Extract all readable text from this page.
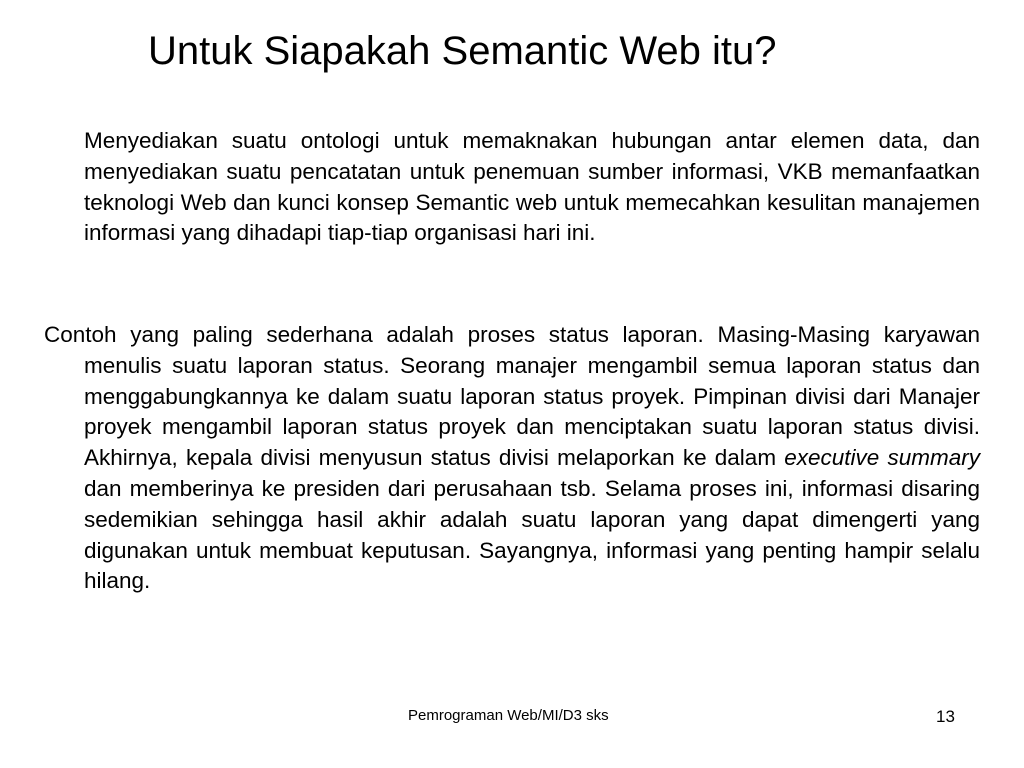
Untuk Siapakah Semantic Web itu?

Menyediakan suatu ontologi untuk memaknakan hubungan antar elemen data, dan menyediakan suatu pencatatan untuk penemuan sumber informasi, VKB memanfaatkan teknologi Web dan kunci konsep Semantic web untuk memecahkan kesulitan manajemen informasi yang dihadapi tiap-tiap organisasi hari ini.

Contoh yang paling sederhana adalah proses status laporan. Masing-Masing karyawan menulis suatu laporan status. Seorang manajer mengambil semua laporan status dan menggabungkannya ke dalam suatu laporan status proyek. Pimpinan divisi dari Manajer proyek mengambil laporan status proyek dan menciptakan suatu laporan status divisi. Akhirnya, kepala divisi menyusun status divisi melaporkan ke dalam executive summary dan memberinya ke presiden dari perusahaan tsb. Selama proses ini, informasi disaring sedemikian sehingga hasil akhir adalah suatu laporan yang dapat dimengerti yang digunakan untuk membuat keputusan. Sayangnya, informasi yang penting hampir selalu hilang.

Pemrograman Web/MI/D3 sks	13
